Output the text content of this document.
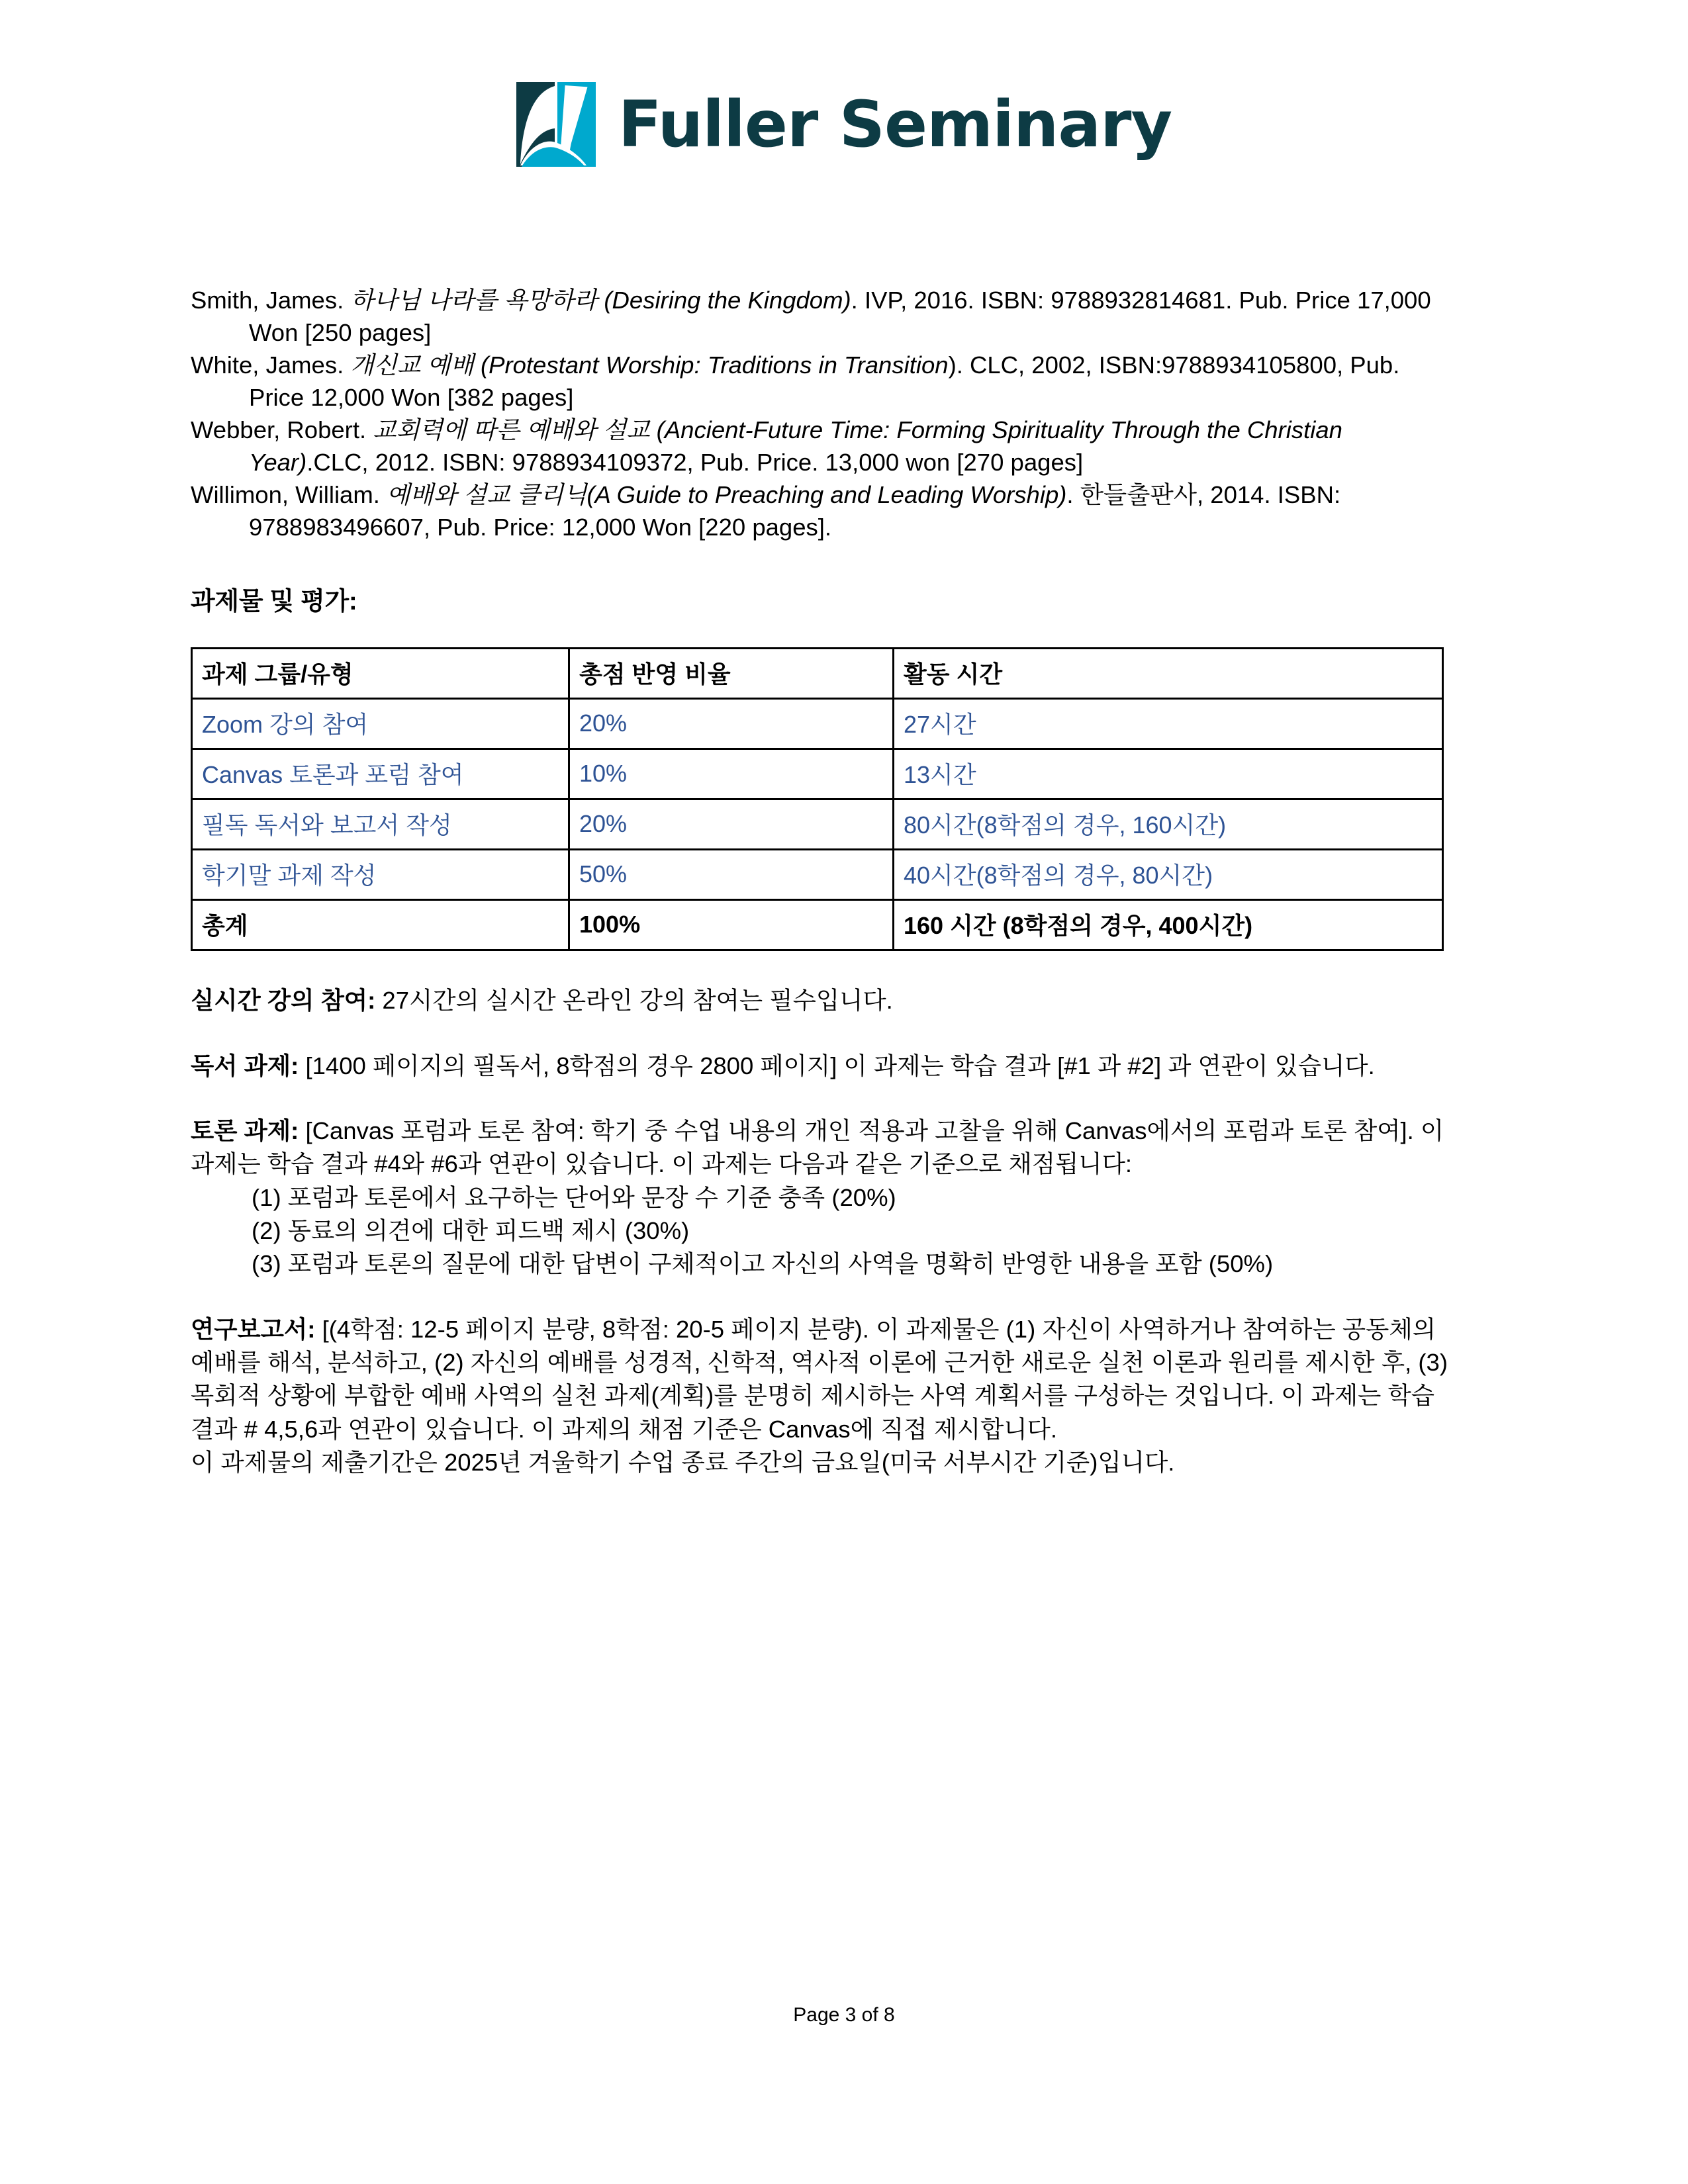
Fuller Seminary

Smith, James. 하나님 나라를 욕망하라 (Desiring the Kingdom). IVP, 2016. ISBN: 9788932814681. Pub. Price 17,000 Won [250 pages]

White, James. 개신교 예배 (Protestant Worship: Traditions in Transition). CLC, 2002, ISBN:9788934105800, Pub. Price 12,000 Won [382 pages]

Webber, Robert. 교회력에 따른 예배와 설교 (Ancient-Future Time: Forming Spirituality Through the Christian Year).CLC, 2012. ISBN: 9788934109372, Pub. Price. 13,000 won [270 pages]

Willimon, William. 예배와 설교 클리닉(A Guide to Preaching and Leading Worship). 한들출판사, 2014. ISBN: 9788983496607, Pub. Price: 12,000 Won [220 pages].

과제물 및 평가:
과제 그룹/유형	총점 반영 비율	활동 시간
Zoom 강의 참여	20%	27시간
Canvas 토론과 포럼 참여	10%	13시간
필독 독서와 보고서 작성	20%	80시간(8학점의 경우, 160시간)
학기말 과제 작성	50%	40시간(8학점의 경우, 80시간)
총계	100%	160 시간 (8학점의 경우, 400시간)

실시간 강의 참여: 27시간의 실시간 온라인 강의 참여는 필수입니다.

독서 과제: [1400 페이지의 필독서, 8학점의 경우 2800 페이지] 이 과제는 학습 결과 [#1 과 #2] 과 연관이 있습니다.

토론 과제: [Canvas 포럼과 토론 참여: 학기 중 수업 내용의 개인 적용과 고찰을 위해 Canvas에서의 포럼과 토론 참여]. 이 과제는 학습 결과 #4와 #6과 연관이 있습니다. 이 과제는 다음과 같은 기준으로 채점됩니다:

(1) 포럼과 토론에서 요구하는 단어와 문장 수 기준 충족 (20%)
(2) 동료의 의견에 대한 피드백 제시 (30%)
(3) 포럼과 토론의 질문에 대한 답변이 구체적이고 자신의 사역을 명확히 반영한 내용을 포함 (50%)

연구보고서: [(4학점: 12-5 페이지 분량, 8학점: 20-5 페이지 분량). 이 과제물은 (1) 자신이 사역하거나 참여하는 공동체의 예배를 해석, 분석하고, (2) 자신의 예배를 성경적, 신학적, 역사적 이론에 근거한 새로운 실천 이론과 원리를 제시한 후, (3) 목회적 상황에 부합한 예배 사역의 실천 과제(계획)를 분명히 제시하는 사역 계획서를 구성하는 것입니다. 이 과제는 학습 결과 # 4,5,6과 연관이 있습니다. 이 과제의 채점 기준은 Canvas에 직접 제시합니다.

이 과제물의 제출기간은 2025년 겨울학기 수업 종료 주간의 금요일(미국 서부시간 기준)입니다.

Page 3 of 8
